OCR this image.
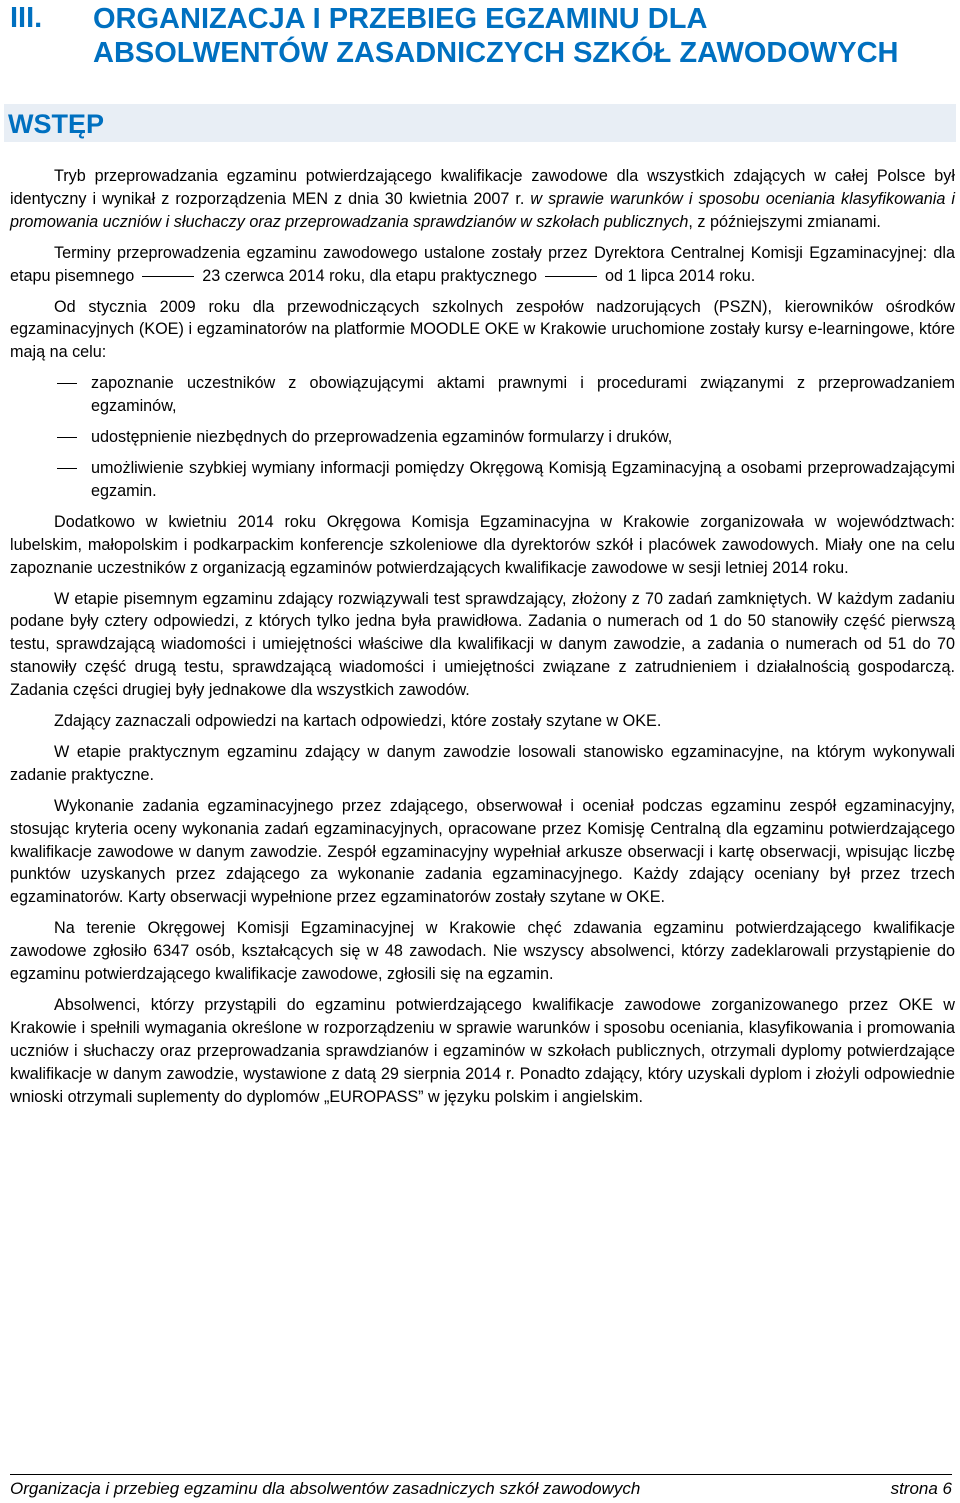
III. ORGANIZACJA I PRZEBIEG EGZAMINU DLA
ABSOLWENTÓW ZASADNICZYCH SZKÓŁ ZAWODOWYCH
WSTĘP

Tryb przeprowadzania egzaminu potwierdzającego kwalifikacje zawodowe dla wszystkich zdających w całej Polsce był identyczny i wynikał z rozporządzenia MEN z dnia 30 kwietnia 2007 r. w sprawie warunków i sposobu oceniania klasyfikowania i promowania uczniów i słuchaczy oraz przeprowadzania sprawdzianów w szkołach publicznych, z późniejszymi zmianami.

Terminy przeprowadzenia egzaminu zawodowego ustalone zostały przez Dyrektora Centralnej Komisji Egzaminacyjnej: dla etapu pisemnego	23 czerwca 2014 roku, dla etapu praktycznego	od 1 lipca 2014 roku.

Od stycznia 2009 roku dla przewodniczących szkolnych zespołów nadzorujących (PSZN), kierowników ośrodków egzaminacyjnych (KOE) i egzaminatorów na platformie MOODLE OKE w Krakowie uruchomione zostały kursy e-learningowe, które mają na celu:

zapoznanie uczestników z obowiązującymi aktami prawnymi i procedurami związanymi z przeprowadzaniem egzaminów,
udostępnienie niezbędnych do przeprowadzenia egzaminów formularzy i druków,
umożliwienie szybkiej wymiany informacji pomiędzy Okręgową Komisją Egzaminacyjną a osobami przeprowadzającymi egzamin.

Dodatkowo w kwietniu 2014 roku Okręgowa Komisja Egzaminacyjna w Krakowie zorganizowała w województwach: lubelskim, małopolskim i podkarpackim konferencje szkoleniowe dla dyrektorów szkół i placówek zawodowych. Miały one na celu zapoznanie uczestników z organizacją egzaminów potwierdzających kwalifikacje zawodowe w sesji letniej 2014 roku.

W etapie pisemnym egzaminu zdający rozwiązywali test sprawdzający, złożony z 70 zadań zamkniętych. W każdym zadaniu podane były cztery odpowiedzi, z których tylko jedna była prawidłowa. Zadania o numerach od 1 do 50 stanowiły część pierwszą testu, sprawdzającą wiadomości i umiejętności właściwe dla kwalifikacji w danym zawodzie, a zadania o numerach od 51 do 70 stanowiły część drugą testu, sprawdzającą wiadomości i umiejętności związane z zatrudnieniem i działalnością gospodarczą. Zadania części drugiej były jednakowe dla wszystkich zawodów.

Zdający zaznaczali odpowiedzi na kartach odpowiedzi, które zostały szytane w OKE.

W etapie praktycznym egzaminu zdający w danym zawodzie losowali stanowisko egzaminacyjne, na którym wykonywali zadanie praktyczne.

Wykonanie zadania egzaminacyjnego przez zdającego, obserwował i oceniał podczas egzaminu zespół egzaminacyjny, stosując kryteria oceny wykonania zadań egzaminacyjnych, opracowane przez Komisję Centralną dla egzaminu potwierdzającego kwalifikacje zawodowe w danym zawodzie. Zespół egzaminacyjny wypełniał arkusze obserwacji i kartę obserwacji, wpisując liczbę punktów uzyskanych przez zdającego za wykonanie zadania egzaminacyjnego. Każdy zdający oceniany był przez trzech egzaminatorów. Karty obserwacji wypełnione przez egzaminatorów zostały szytane w OKE.

Na terenie Okręgowej Komisji Egzaminacyjnej w Krakowie chęć zdawania egzaminu potwierdzającego kwalifikacje zawodowe zgłosiło 6347 osób, kształcących się w 48 zawodach. Nie wszyscy absolwenci, którzy zadeklarowali przystąpienie do egzaminu potwierdzającego kwalifikacje zawodowe, zgłosili się na egzamin.

Absolwenci, którzy przystąpili do egzaminu potwierdzającego kwalifikacje zawodowe zorganizowanego przez OKE w Krakowie i spełnili wymagania określone w rozporządzeniu w sprawie warunków i sposobu oceniania, klasyfikowania i promowania uczniów i słuchaczy oraz przeprowadzania sprawdzianów i egzaminów w szkołach publicznych, otrzymali dyplomy potwierdzające kwalifikacje w danym zawodzie, wystawione z datą 29 sierpnia 2014 r. Ponadto zdający, który uzyskali dyplom i złożyli odpowiednie wnioski otrzymali suplementy do dyplomów „EUROPASS” w języku polskim i angielskim.

Organizacja i przebieg egzaminu dla absolwentów zasadniczych szkół zawodowych	strona 6
